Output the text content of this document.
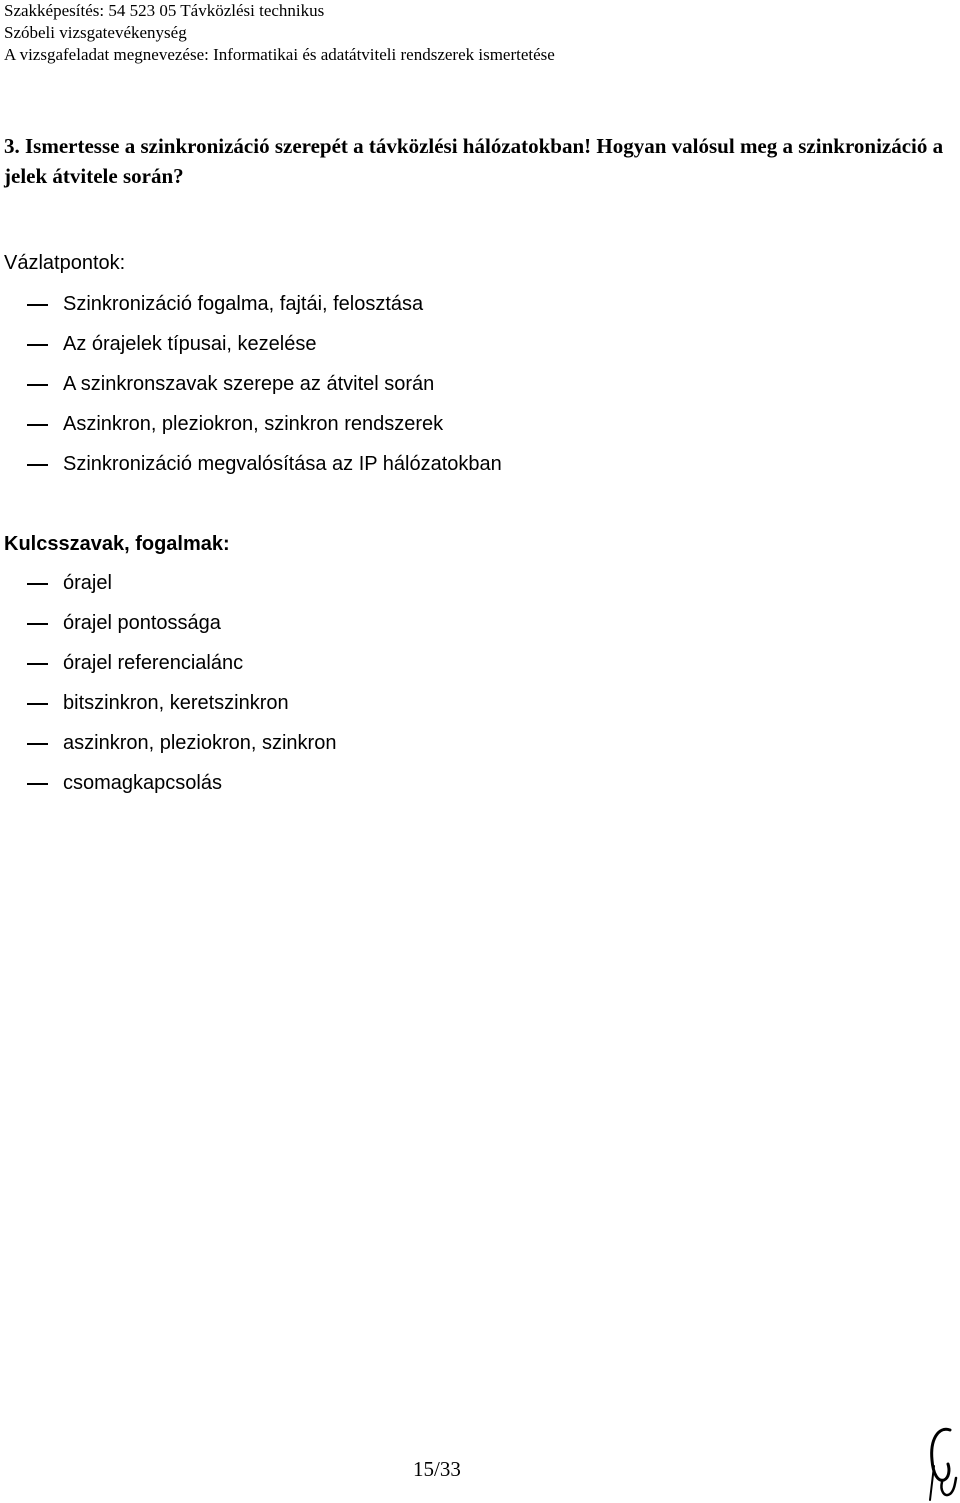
Szakképesítés: 54 523 05 Távközlési technikus
Szóbeli vizsgatevékenység
A vizsgafeladat megnevezése: Informatikai és adatátviteli rendszerek ismertetése
3. Ismertesse a szinkronizáció szerepét a távközlési hálózatokban! Hogyan valósul meg a szinkronizáció a jelek átvitele során?
Vázlatpontok:
Szinkronizáció fogalma, fajtái, felosztása
Az órajelek típusai, kezelése
A szinkronszavak szerepe az átvitel során
Aszinkron, pleziokron, szinkron rendszerek
Szinkronizáció megvalósítása az IP hálózatokban
Kulcsszavak, fogalmak:
órajel
órajel pontossága
órajel referencialánc
bitszinkron, keretszinkron
aszinkron, pleziokron, szinkron
csomagkapcsolás
15/33
